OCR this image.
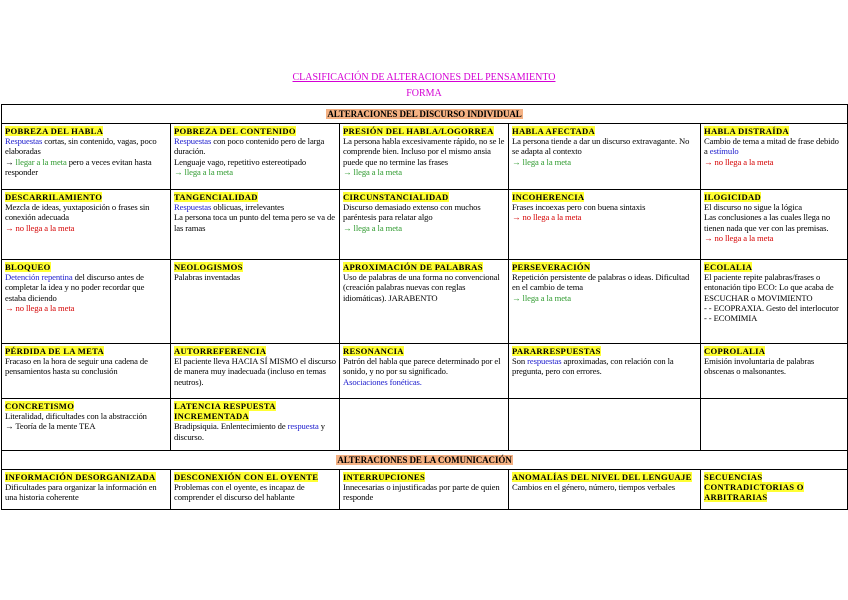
CLASIFICACIÓN DE ALTERACIONES DEL PENSAMIENTO
FORMA
ALTERACIONES DEL DISCURSO INDIVIDUAL				
POBREZA DEL HABLA
Respuestas cortas, sin contenido, vagas, poco elaboradas
→ llegar a la meta pero a veces evitan hasta responder	POBREZA DEL CONTENIDO
Respuestas con poco contenido pero de larga duración.
Lenguaje vago, repetitivo estereotipado
→ llega a la meta	PRESIÓN DEL HABLA/LOGORREA
La persona habla excesivamente rápido, no se le comprende bien. Incluso por el mismo ansia puede que no termine las frases
→ llega a la meta	HABLA AFECTADA
La persona tiende a dar un discurso extravagante. No se adapta al contexto
→ llega a la meta	HABLA DISTRAÍDA
Cambio de tema a mitad de frase debido a estímulo
→ no llega a la meta

DESCARRILAMIENTO
Mezcla de ideas, yuxtaposición o frases sin conexión adecuada
→ no llega a la meta	TANGENCIALIDAD
Respuestas oblicuas, irrelevantes
La persona toca un punto del tema pero se va de las ramas	CIRCUNSTANCIALIDAD
Discurso demasiado extenso con muchos paréntesis para relatar algo
→ llega a la meta	INCOHERENCIA
Frases incoexas pero con buena sintaxis
→ no llega a la meta	ILOGICIDAD
El discurso no sigue la lógica
Las conclusiones a las cuales llega no tienen nada que ver con las premisas.
→ no llega a la meta

BLOQUEO
Detención repentina del discurso antes de completar la idea y no poder recordar que estaba diciendo
→ no llega a la meta	NEOLOGISMOS
Palabras inventadas	APROXIMACIÓN DE PALABRAS
Uso de palabras de una forma no convencional (creación palabras nuevas con reglas idiomáticas). JARABENTO	PERSEVERACIÓN
Repetición persistente de palabras o ideas. Dificultad en el cambio de tema
→ llega a la meta	ECOLALIA
El paciente repite palabras/frases o entonación tipo ECO: Lo que acaba de ESCUCHAR o MOVIMIENTO
- - ECOPRAXIA. Gesto del interlocutor
- - ECOMIMIA

PÉRDIDA DE LA META
Fracaso en la hora de seguir una cadena de pensamientos hasta su conclusión	AUTORREFERENCIA
El paciente lleva HACIA SÍ MISMO el discurso de manera muy inadecuada (incluso en temas neutros).	RESONANCIA
Patrón del habla que parece determinado por el sonido, y no por su significado.
Asociaciones fonéticas.	PARARRESPUESTAS
Son respuestas aproximadas, con relación con la pregunta, pero con errores.	COPROLALIA
Emisión involuntaria de palabras obscenas o malsonantes.
CONCRETISMO
Literalidad, dificultades con la abstracción
→ Teoría de la mente TEA	LATENCIA RESPUESTA INCREMENTADA
Bradipsiquia. Enlentecimiento de respuesta y discurso.			
ALTERACIONES DE LA COMUNICACIÓN				
INFORMACIÓN DESORGANIZADA
Dificultades para organizar la información en una historia coherente	DESCONEXIÓN CON EL OYENTE
Problemas con el oyente, es incapaz de comprender el discurso del hablante	INTERRUPCIONES
Innecesarias o injustificadas por parte de quien responde	ANOMALÍAS DEL NIVEL DEL LENGUAJE
Cambios en el género, número, tiempos verbales	SECUENCIAS CONTRADICTORIAS O ARBITRARIAS
